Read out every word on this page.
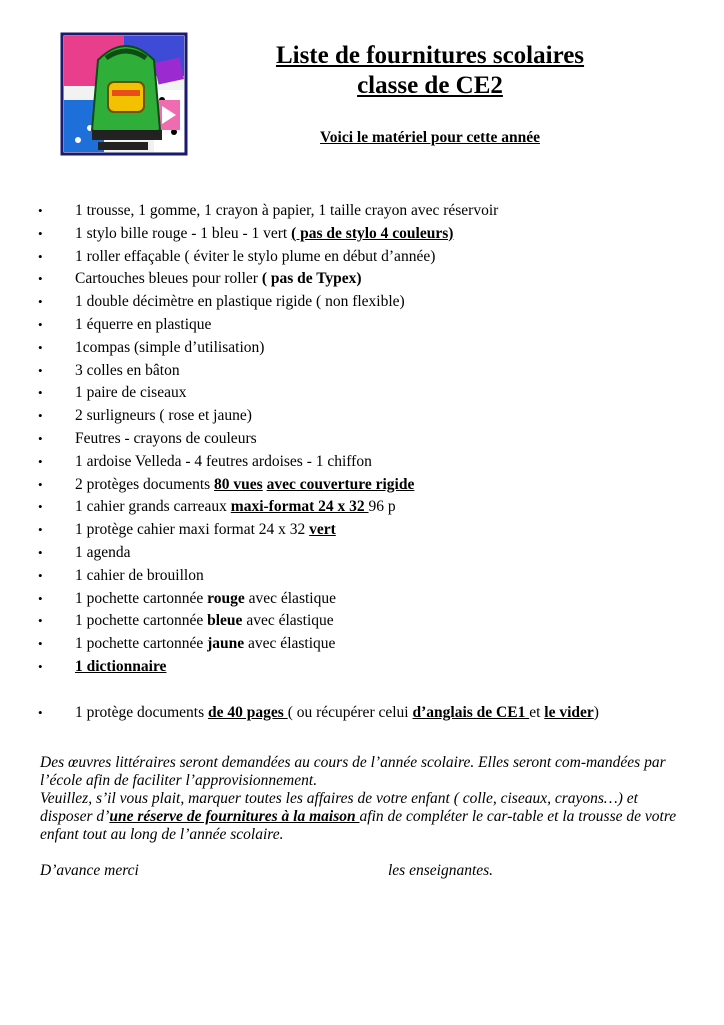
Liste de fournitures scolaires
classe de CE2
Voici le matériel pour cette année
• 1 trousse, 1 gomme, 1 crayon à papier, 1 taille crayon avec réservoir
• 1 stylo bille rouge - 1 bleu - 1 vert ( pas de stylo 4 couleurs)
• 1 roller effaçable ( éviter le stylo plume en début d’année)
• Cartouches bleues pour roller ( pas de Typex)
• 1 double décimètre en plastique rigide ( non flexible)
• 1 équerre en plastique
• 1compas (simple d’utilisation)
• 3 colles en bâton
• 1 paire de ciseaux
• 2 surligneurs ( rose et jaune)
• Feutres - crayons de couleurs
• 1 ardoise Velleda - 4 feutres ardoises - 1 chiffon
• 2 protèges documents 80 vues avec couverture rigide
• 1 cahier grands carreaux maxi-format 24 x 32 96 p
• 1 protège cahier maxi format 24 x 32 vert
• 1 agenda
• 1 cahier de brouillon
• 1 pochette cartonnée rouge avec élastique
• 1 pochette cartonnée bleue avec élastique
• 1 pochette cartonnée jaune avec élastique
• 1 dictionnaire
• 1 protège documents de 40 pages ( ou récupérer celui d’anglais de CE1 et le vider)
Des œuvres littéraires seront demandées au cours de l’année scolaire. Elles seront com-mandées par l’école afin de faciliter l’approvisionnement.
Veuillez, s’il vous plait, marquer toutes les affaires de votre enfant ( colle, ciseaux, crayons…) et disposer d’une réserve de fournitures à la maison afin de compléter le car-table et la trousse de votre enfant tout au long de l’année scolaire.
D’avance merci	les enseignantes.
